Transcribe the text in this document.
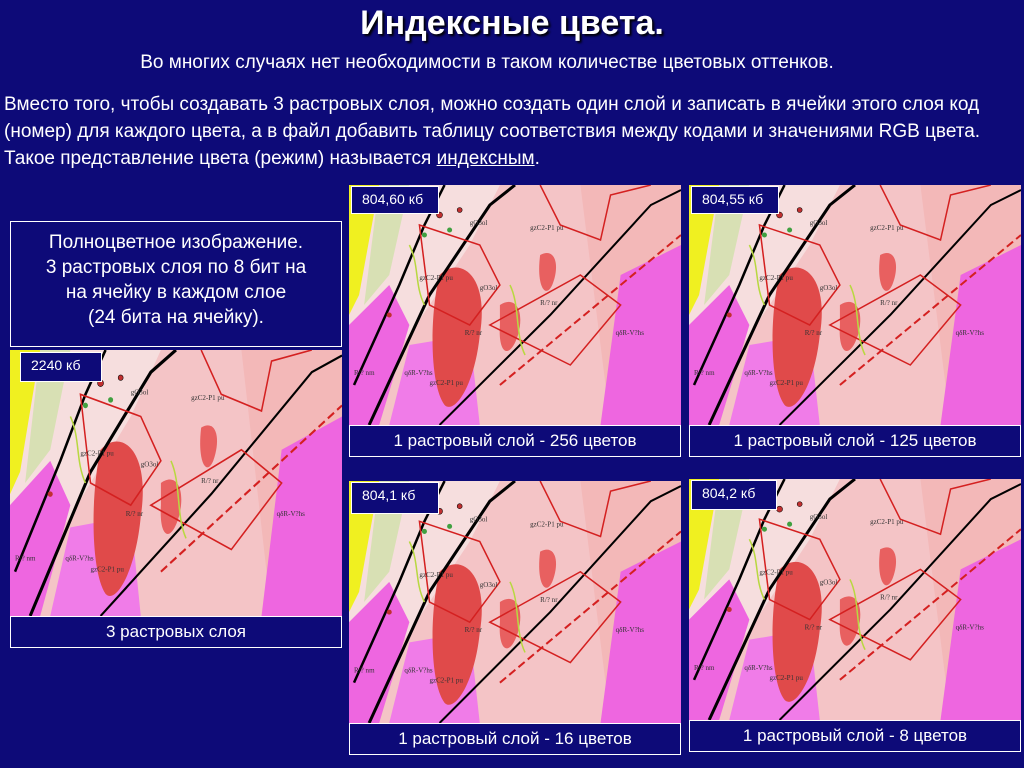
Индексные цвета.
Во многих случаях нет необходимости в таком количестве цветовых оттенков.
Вместо того, чтобы создавать 3 растровых слоя, можно создать один слой и записать в ячейки этого слоя код (номер) для каждого цвета, а в файл добавить таблицу соответствия между кодами и значениями RGB цвета. Такое представление цвета (режим) называется индексным.
Полноцветное изображение.
3 растровых слоя по 8 бит на
на ячейку в каждом слое
(24 бита на ячейку).
gO3ol
gzC2-P1 pu
gzC2-P1 pu
R/? nr
R/? nr
R/? nm	qδR-V?hs
qδR-V?hs
gO3ol
gzC2-P1 pu
2240 кб
3 растровых слоя
gO3ol
gzC2-P1 pu
gzC2-P1 pu
R/? nr
R/? nr
R/? nm	qδR-V?hs
qδR-V?hs
gO3ol
gzC2-P1 pu
804,60 кб
1 растровый слой - 256 цветов
gO3ol
gzC2-P1 pu
gzC2-P1 pu
R/? nr
R/? nr
R/? nm	qδR-V?hs
qδR-V?hs
gO3ol
gzC2-P1 pu
804,55 кб
1 растровый слой - 125 цветов
gO3ol
gzC2-P1 pu
gzC2-P1 pu
R/? nr
R/? nr
R/? nm	qδR-V?hs
qδR-V?hs
gO3ol
gzC2-P1 pu
804,1 кб
1 растровый слой - 16 цветов
gO3ol
gzC2-P1 pu
gzC2-P1 pu
R/? nr
R/? nr
R/? nm	qδR-V?hs
qδR-V?hs
gO3ol
gzC2-P1 pu
804,2 кб
1 растровый слой - 8 цветов
